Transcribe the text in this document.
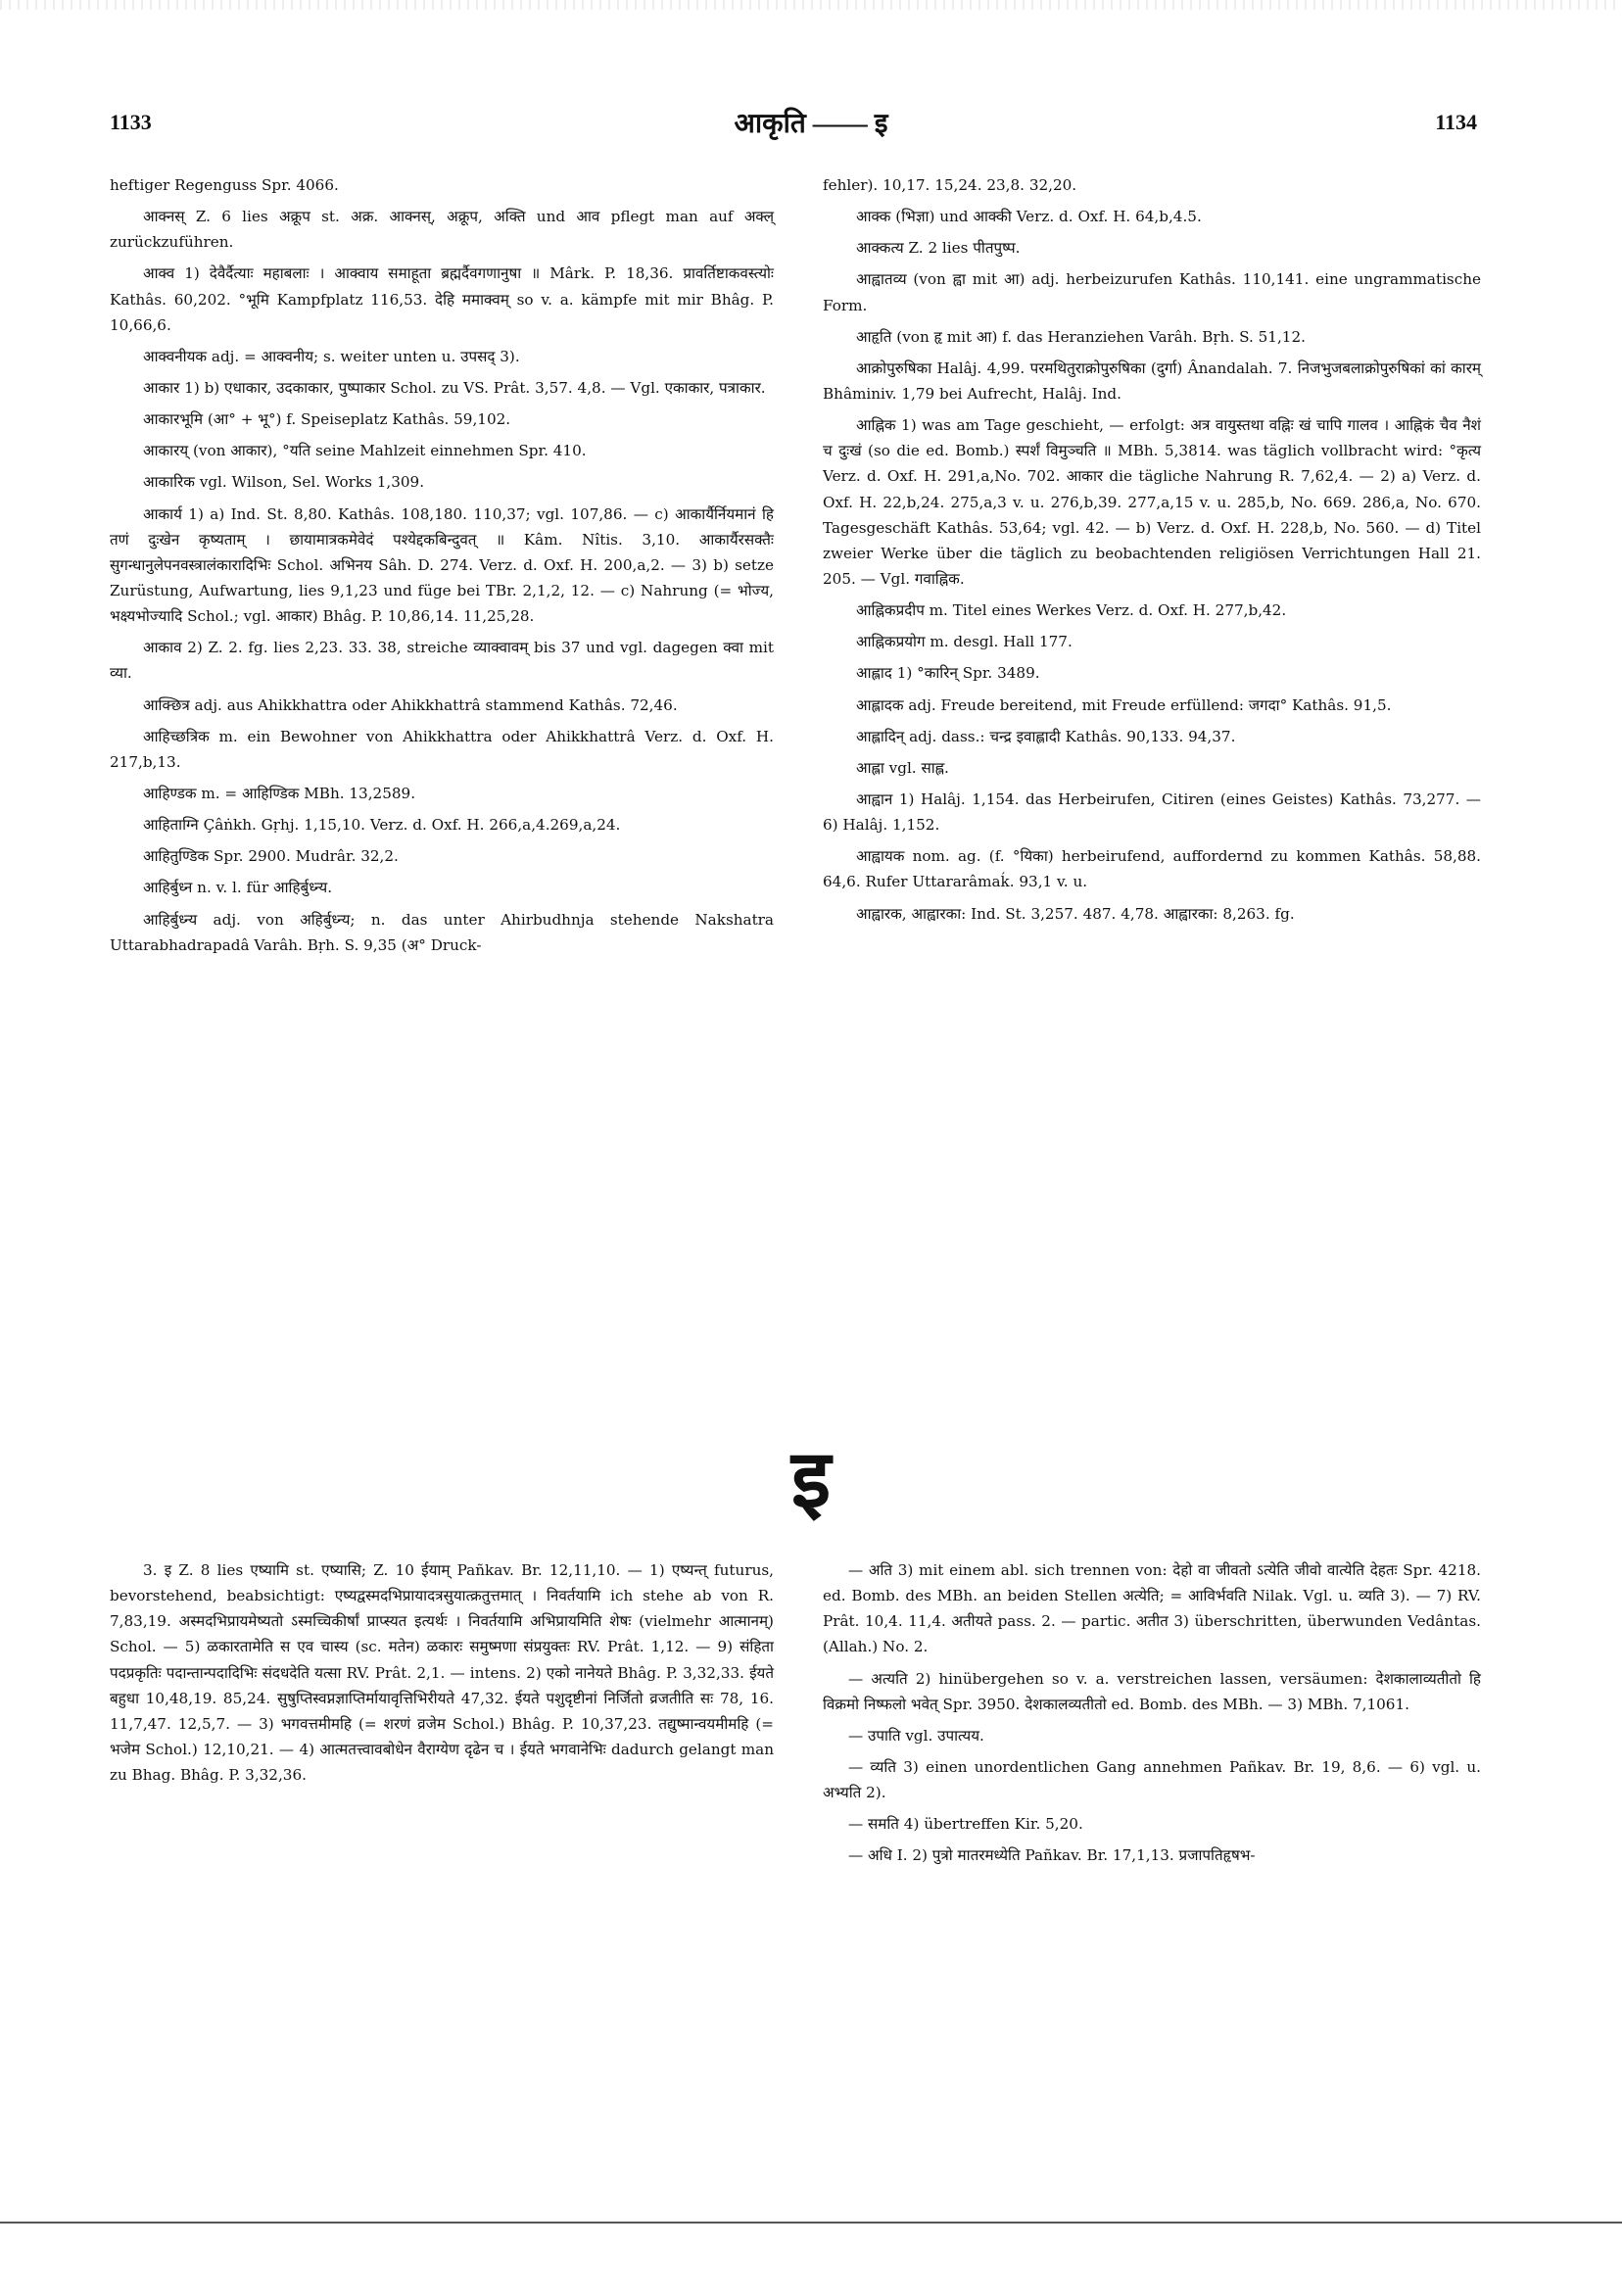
1133	आकृति —— इ	1134

heftiger Regenguss Spr. 4066.

आक्नस् Z. 6 lies अक्रूप st. अक्र. आक्नस्, अक्रूप, अक्ति und आव pflegt man auf अक्ल् zurückzuführen.

आक्व 1) देवैर्दैत्याः महाबलाः । आक्वाय समाहूता ब्रह्मर्दैवगणानुषा ॥ Mârk. P. 18,36. प्रावर्तिष्टाकवस्त्योः Kathâs. 60,202. °भूमि Kampfplatz 116,53. देहि ममाक्वम् so v. a. kämpfe mit mir Bhâg. P. 10,66,6.

आक्वनीयक adj. = आक्वनीय; s. weiter unten u. उपसद् 3).

आकार 1) b) एधाकार, उदकाकार, पुष्पाकार Schol. zu VS. Prât. 3,57. 4,8. — Vgl. एकाकार, पत्राकार.

आकारभूमि (आ° + भू°) f. Speiseplatz Kathâs. 59,102.

आकारय् (von आकार), °यति seine Mahlzeit einnehmen Spr. 410.

आकारिक vgl. Wilson, Sel. Works 1,309.

आकार्य 1) a) Ind. St. 8,80. Kathâs. 108,180. 110,37; vgl. 107,86. — c) आकार्यैर्नियमानं हि तणं दुःखेन कृष्यताम् । छायामात्रकमेवेदं पश्येद्दकबिन्दुवत् ॥ Kâm. Nîtis. 3,10. आकार्यैरसक्तैः सुगन्धानुलेपनवस्त्रालंकारादिभिः Schol. अभिनय Sâh. D. 274. Verz. d. Oxf. H. 200,a,2. — 3) b) setze Zurüstung, Aufwartung, lies 9,1,23 und füge bei TBr. 2,1,2, 12. — c) Nahrung (= भोज्य, भक्ष्यभोज्यादि Schol.; vgl. आकार) Bhâg. P. 10,86,14. 11,25,28.

आकाव 2) Z. 2. fg. lies 2,23. 33. 38, streiche व्याक्वावम् bis 37 und vgl. dagegen क्वा mit व्या.

आक्छित्र adj. aus Ahikkhattra oder Ahikkhattrâ stammend Kathâs. 72,46.

आहिच्छत्रिक m. ein Bewohner von Ahikkhattra oder Ahikkhattrâ Verz. d. Oxf. H. 217,b,13.

आहिण्डक m. = आहिण्डिक MBh. 13,2589.

आहिताग्नि Çâṅkh. Gṛhj. 1,15,10. Verz. d. Oxf. H. 266,a,4.269,a,24.

आहितुण्डिक Spr. 2900. Mudrâr. 32,2.

आहिर्बुध्न n. v. l. für आहिर्बुध्न्य.

आहिर्बुध्न्य adj. von अहिर्बुध्न्य; n. das unter Ahirbudhnja stehende Nakshatra Uttarabhadrapadâ Varâh. Bṛh. S. 9,35 (अ° Druck-

fehler). 10,17. 15,24. 23,8. 32,20.

आक्क (भिज्ञा) und आक्की Verz. d. Oxf. H. 64,b,4.5.

आक्कत्य Z. 2 lies पीतपुष्प.

आह्वातव्य (von ह्वा mit आ) adj. herbeizurufen Kathâs. 110,141. eine ungrammatische Form.

आहृति (von हृ mit आ) f. das Heranziehen Varâh. Bṛh. S. 51,12.

आक्रोपुरुषिका Halâj. 4,99. परमथितुराक्रोपुरुषिका (दुर्गा) Ânandalah. 7. निजभुजबलाक्रोपुरुषिकां कां कारम् Bhâminiv. 1,79 bei Aufrecht, Halâj. Ind.

आह्निक 1) was am Tage geschieht, — erfolgt: अत्र वायुस्तथा वह्निः खं चापि गालव । आह्निकं चैव नैशं च दुःखं (so die ed. Bomb.) स्पर्शं विमुञ्चति ॥ MBh. 5,3814. was täglich vollbracht wird: °कृत्य Verz. d. Oxf. H. 291,a,No. 702. आकार die tägliche Nahrung R. 7,62,4. — 2) a) Verz. d. Oxf. H. 22,b,24. 275,a,3 v. u. 276,b,39. 277,a,15 v. u. 285,b, No. 669. 286,a, No. 670. Tagesgeschäft Kathâs. 53,64; vgl. 42. — b) Verz. d. Oxf. H. 228,b, No. 560. — d) Titel zweier Werke über die täglich zu beobachtenden religiösen Verrichtungen Hall 21. 205. — Vgl. गवाह्निक.

आह्निकप्रदीप m. Titel eines Werkes Verz. d. Oxf. H. 277,b,42.

आह्निकप्रयोग m. desgl. Hall 177.

आह्लाद 1) °कारिन् Spr. 3489.

आह्लादक adj. Freude bereitend, mit Freude erfüllend: जगदा° Kathâs. 91,5.

आह्लादिन् adj. dass.: चन्द्र इवाह्लादी Kathâs. 90,133. 94,37.

आह्ला vgl. साह्ल.

आह्वान 1) Halâj. 1,154. das Herbeirufen, Citiren (eines Geistes) Kathâs. 73,277. — 6) Halâj. 1,152.

आह्वायक nom. ag. (f. °यिका) herbeirufend, auffordernd zu kommen Kathâs. 58,88. 64,6. Rufer Uttararâmaḱ. 93,1 v. u.

आह्वारक, आह्वारका: Ind. St. 3,257. 487. 4,78. आह्वारका: 8,263. fg.

इ

3. इ Z. 8 lies एष्यामि st. एष्यासि; Z. 10 ईयाम् Pañkav. Br. 12,11,10. — 1) एष्यन्त् futurus, bevorstehend, beabsichtigt: एष्यद्वस्मदभिप्रायादत्रसुयात्क्रतुत्तमात् । निवर्तयामि ich stehe ab von R. 7,83,19. अस्मदभिप्रायमेष्यतो ऽस्मच्चिकीर्षां प्राप्स्यत इत्यर्थः । निवर्तयामि अभिप्रायमिति शेषः (vielmehr आत्मानम्) Schol. — 5) ळकारतामेति स एव चास्य (sc. मतेन) ळकारः समुष्मणा संप्रयुक्तः RV. Prât. 1,12. — 9) संहिता पदप्रकृतिः पदान्तान्पदादिभिः संदधदेति यत्सा RV. Prât. 2,1. — intens. 2) एको नानेयते Bhâg. P. 3,32,33. ईयते बहुधा 10,48,19. 85,24. सुषुप्तिस्वप्नज्ञाप्तिर्मायावृत्तिभिरीयते 47,32. ईयते पशुदृष्टीनां निर्जितो व्रजतीति सः 78, 16. 11,7,47. 12,5,7. — 3) भगवत्तमीमहि (= शरणं व्रजेम Schol.) Bhâg. P. 10,37,23. तद्युष्मान्वयमीमहि (= भजेम Schol.) 12,10,21. — 4) आत्मतत्त्वावबोधेन वैराग्येण दृढेन च । ईयते भगवानेभिः dadurch gelangt man zu Bhag. Bhâg. P. 3,32,36.

— अति 3) mit einem abl. sich trennen von: देहो वा जीवतो ऽत्येति जीवो वात्येति देहतः Spr. 4218. ed. Bomb. des MBh. an beiden Stellen अत्येति; = आविर्भवति Nilak. Vgl. u. व्यति 3). — 7) RV. Prât. 10,4. 11,4. अतीयते pass. 2. — partic. अतीत 3) überschritten, überwunden Vedântas. (Allah.) No. 2.

— अत्यति 2) hinübergehen so v. a. verstreichen lassen, versäumen: देशकालाव्यतीतो हि विक्रमो निष्फलो भवेत् Spr. 3950. देशकालव्यतीतो ed. Bomb. des MBh. — 3) MBh. 7,1061.

— उपाति vgl. उपात्यय.

— व्यति 3) einen unordentlichen Gang annehmen Pañkav. Br. 19, 8,6. — 6) vgl. u. अभ्यति 2).

— समति 4) übertreffen Kir. 5,20.

— अधि I. 2) पुत्रो मातरमध्येति Pañkav. Br. 17,1,13. प्रजापतिहृषभ-
